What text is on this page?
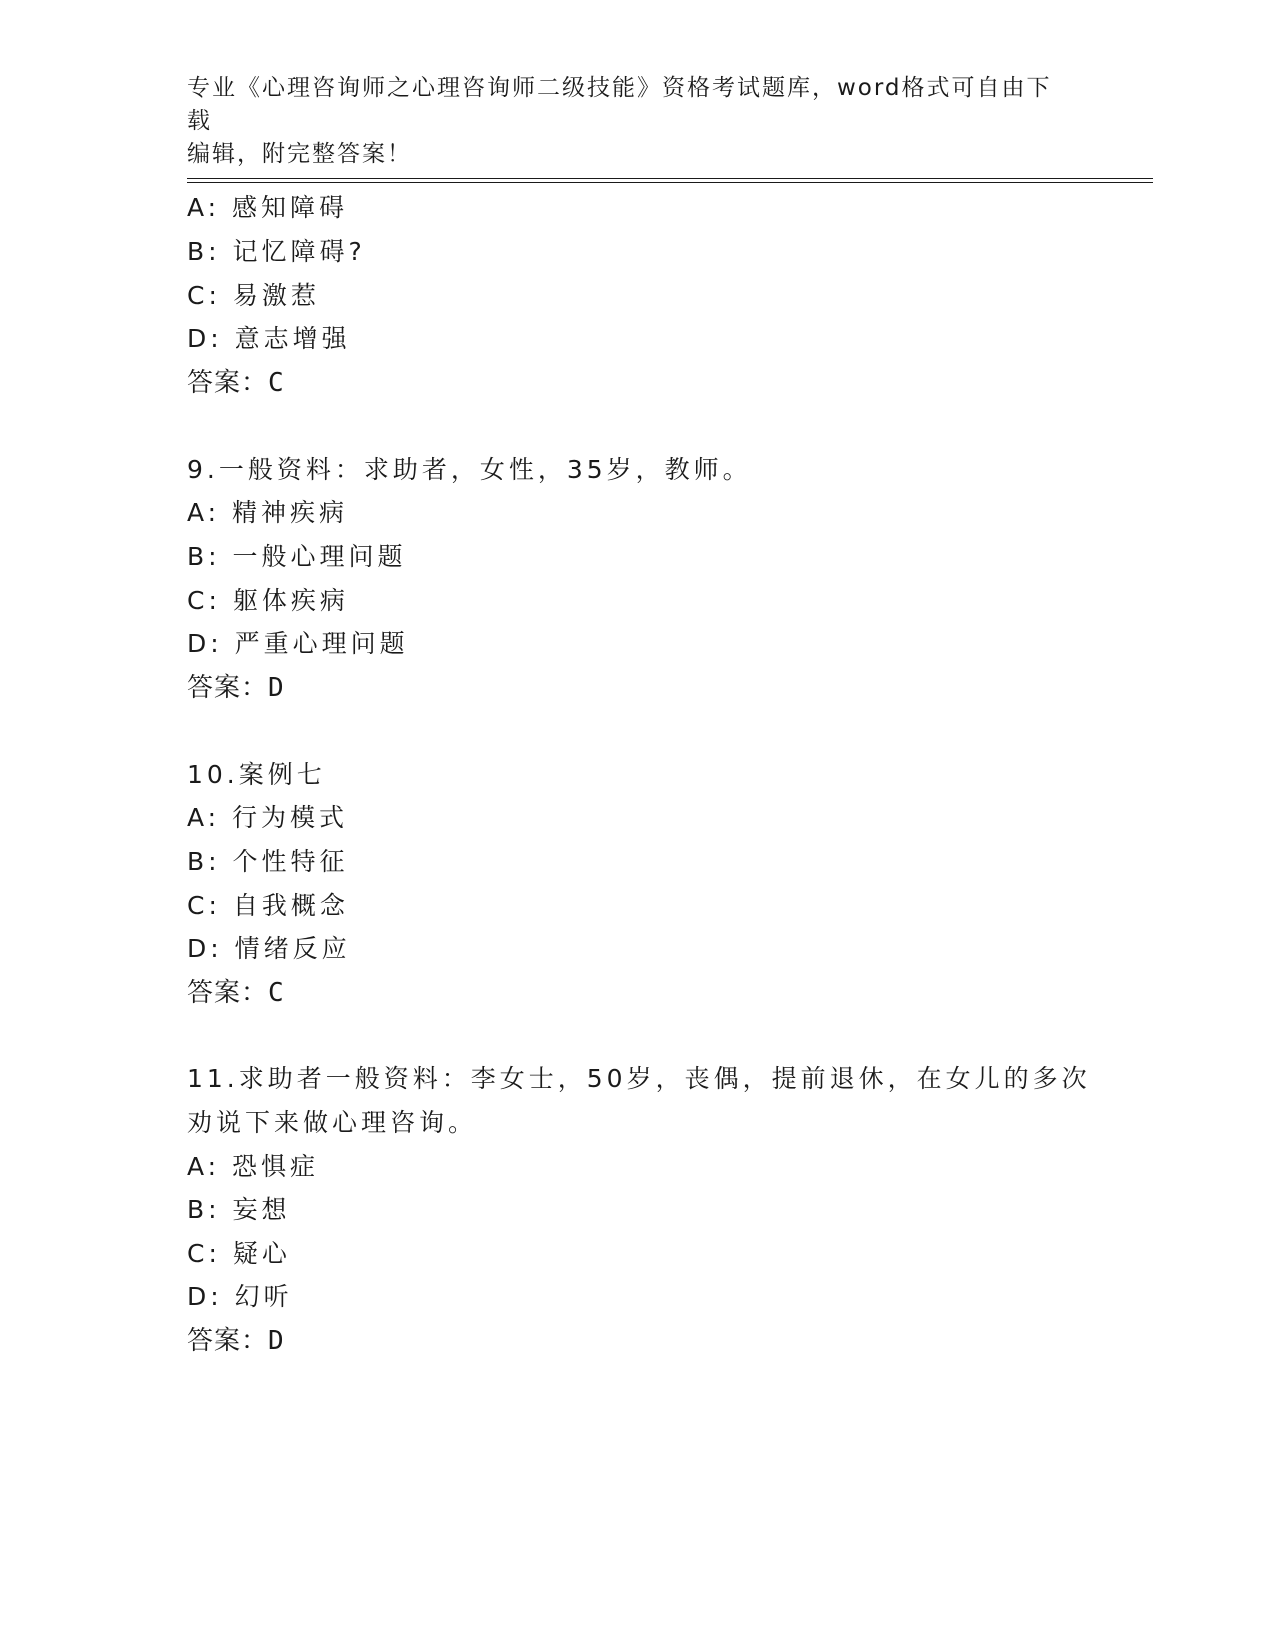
专业《心理咨询师之心理咨询师二级技能》资格考试题库，word格式可自由下载
编辑，附完整答案！
A: 感知障碍
B: 记忆障碍?
C: 易激惹
D: 意志增强
答案：C
9.一般资料：求助者，女性，35岁，教师。
A: 精神疾病
B: 一般心理问题
C: 躯体疾病
D: 严重心理问题
答案：D
10.案例七
A: 行为模式
B: 个性特征
C: 自我概念
D: 情绪反应
答案：C
11.求助者一般资料：李女士，50岁，丧偶，提前退休，在女儿的多次
劝说下来做心理咨询。
A: 恐惧症
B: 妄想
C: 疑心
D: 幻听
答案：D
